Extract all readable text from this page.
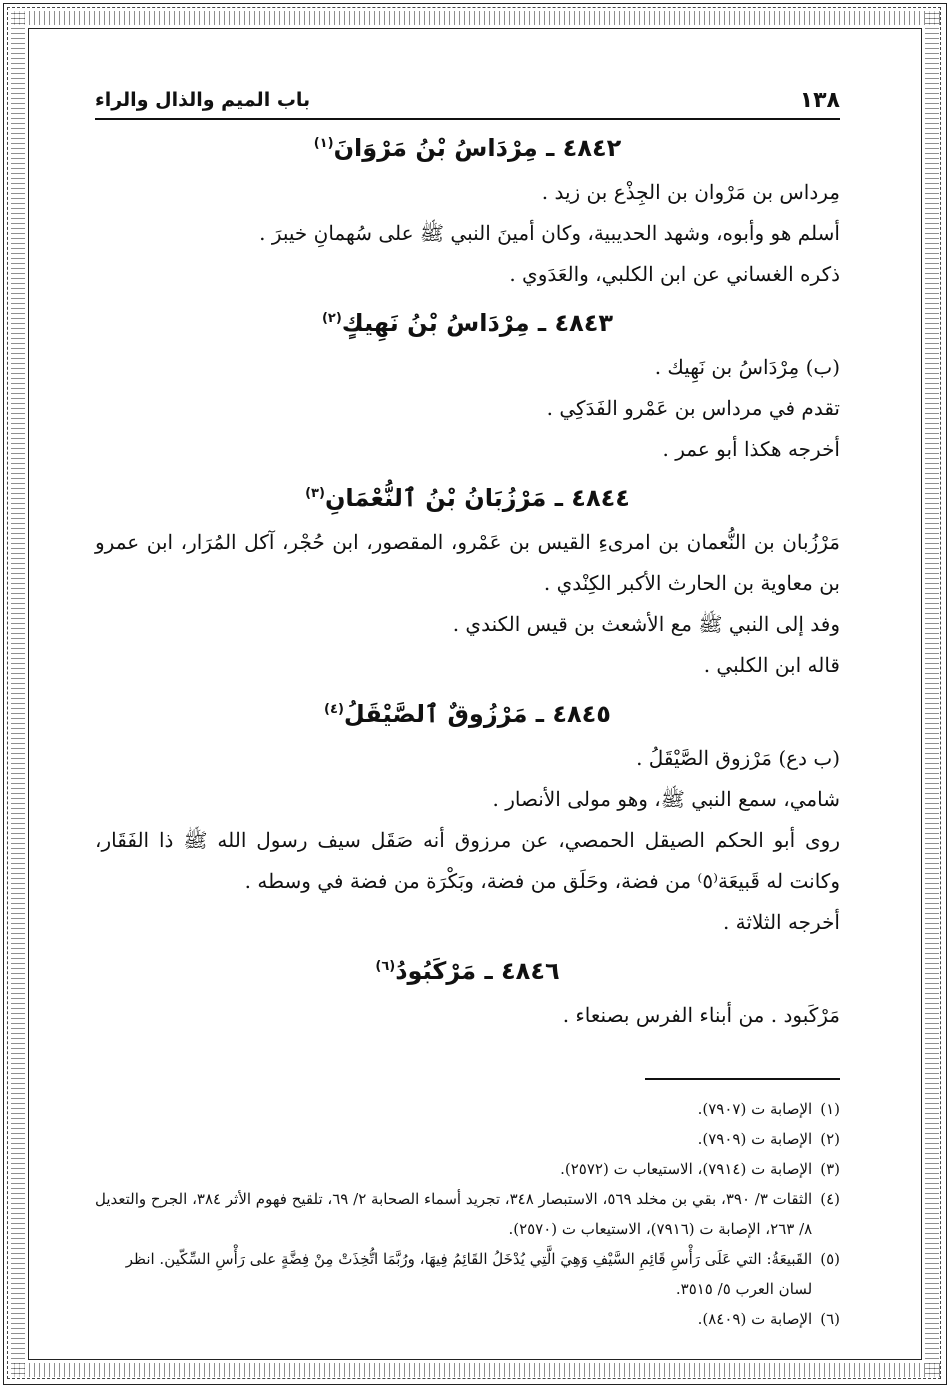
١٣٨
باب الميم والذال والراء
٤٨٤٢ ـ مِرْدَاسُ بْنُ مَرْوَانَ$^{(١)}$

مِرداس بن مَرْوان بن الجِذْع بن زيد .

أسلم هو وأبوه، وشهد الحديبية، وكان أمينَ النبي ﷺ على سُهمانِ خيبرَ .

ذكره الغساني عن ابن الكلبي، والعَدَوي .

٤٨٤٣ ـ مِرْدَاسُ بْنُ نَهِيكٍ$^{(٢)}$

(ب) مِرْدَاسُ بن نَهِيك .

تقدم في مرداس بن عَمْرو الفَدَكِي .

أخرجه هكذا أبو عمر .

٤٨٤٤ ـ مَرْزُبَانُ بْنُ ٱلنُّعْمَانِ$^{(٣)}$

مَرْزُبان بن النُّعمان بن امرىءِ القيس بن عَمْرو، المقصور، ابن حُجْر، آكل المُرَار، ابن عمرو بن معاوية بن الحارث الأكبر الكِنْدي .

وفد إلى النبي ﷺ مع الأشعث بن قيس الكندي .

قاله ابن الكلبي .

٤٨٤٥ ـ مَرْزُوقٌ ٱلصَّيْقَلُ$^{(٤)}$

(ب دع) مَرْزوق الصَّيْقَلُ .

شامي، سمع النبي ﷺ، وهو مولى الأنصار .

روى أبو الحكم الصيقل الحمصي، عن مرزوق أنه صَقَل سيف رسول الله ﷺ ذا الفَقَار، وكانت له قَبيعَة⁽٥⁾ من فضة، وحَلَق من فضة، وبَكْرَة من فضة في وسطه .

أخرجه الثلاثة .

٤٨٤٦ ـ مَرْكَبُودُ$^{(٦)}$

مَرْكَبود . من أبناء الفرس بصنعاء .

(١)
الإصابة ت (٧٩٠٧).

(٢)
الإصابة ت (٧٩٠٩).

(٣)
الإصابة ت (٧٩١٤)، الاستيعاب ت (٢٥٧٢).

(٤)
الثقات ٣/ ٣٩٠، بقي بن مخلد ٥٦٩، الاستبصار ٣٤٨، تجريد أسماء الصحابة ٢/ ٦٩، تلقيح فهوم الأثر ٣٨٤، الجرح والتعديل ٨/ ٢٦٣، الإصابة ت (٧٩١٦)، الاستيعاب ت (٢٥٧٠).

(٥)
القَبيعَةُ: التي عَلَى رَأْسِ قَائِمِ السَّيْفِ وَهِيَ الَّتِي يُدْخَلُ القَائِمُ فِيهَا، ورُبَّمَا اتُّخِذَتْ مِنْ فِضَّةٍ على رَأْسِ السِّكّين. انظر لسان العرب ٥/ ٣٥١٥.

(٦)
الإصابة ت (٨٤٠٩).
